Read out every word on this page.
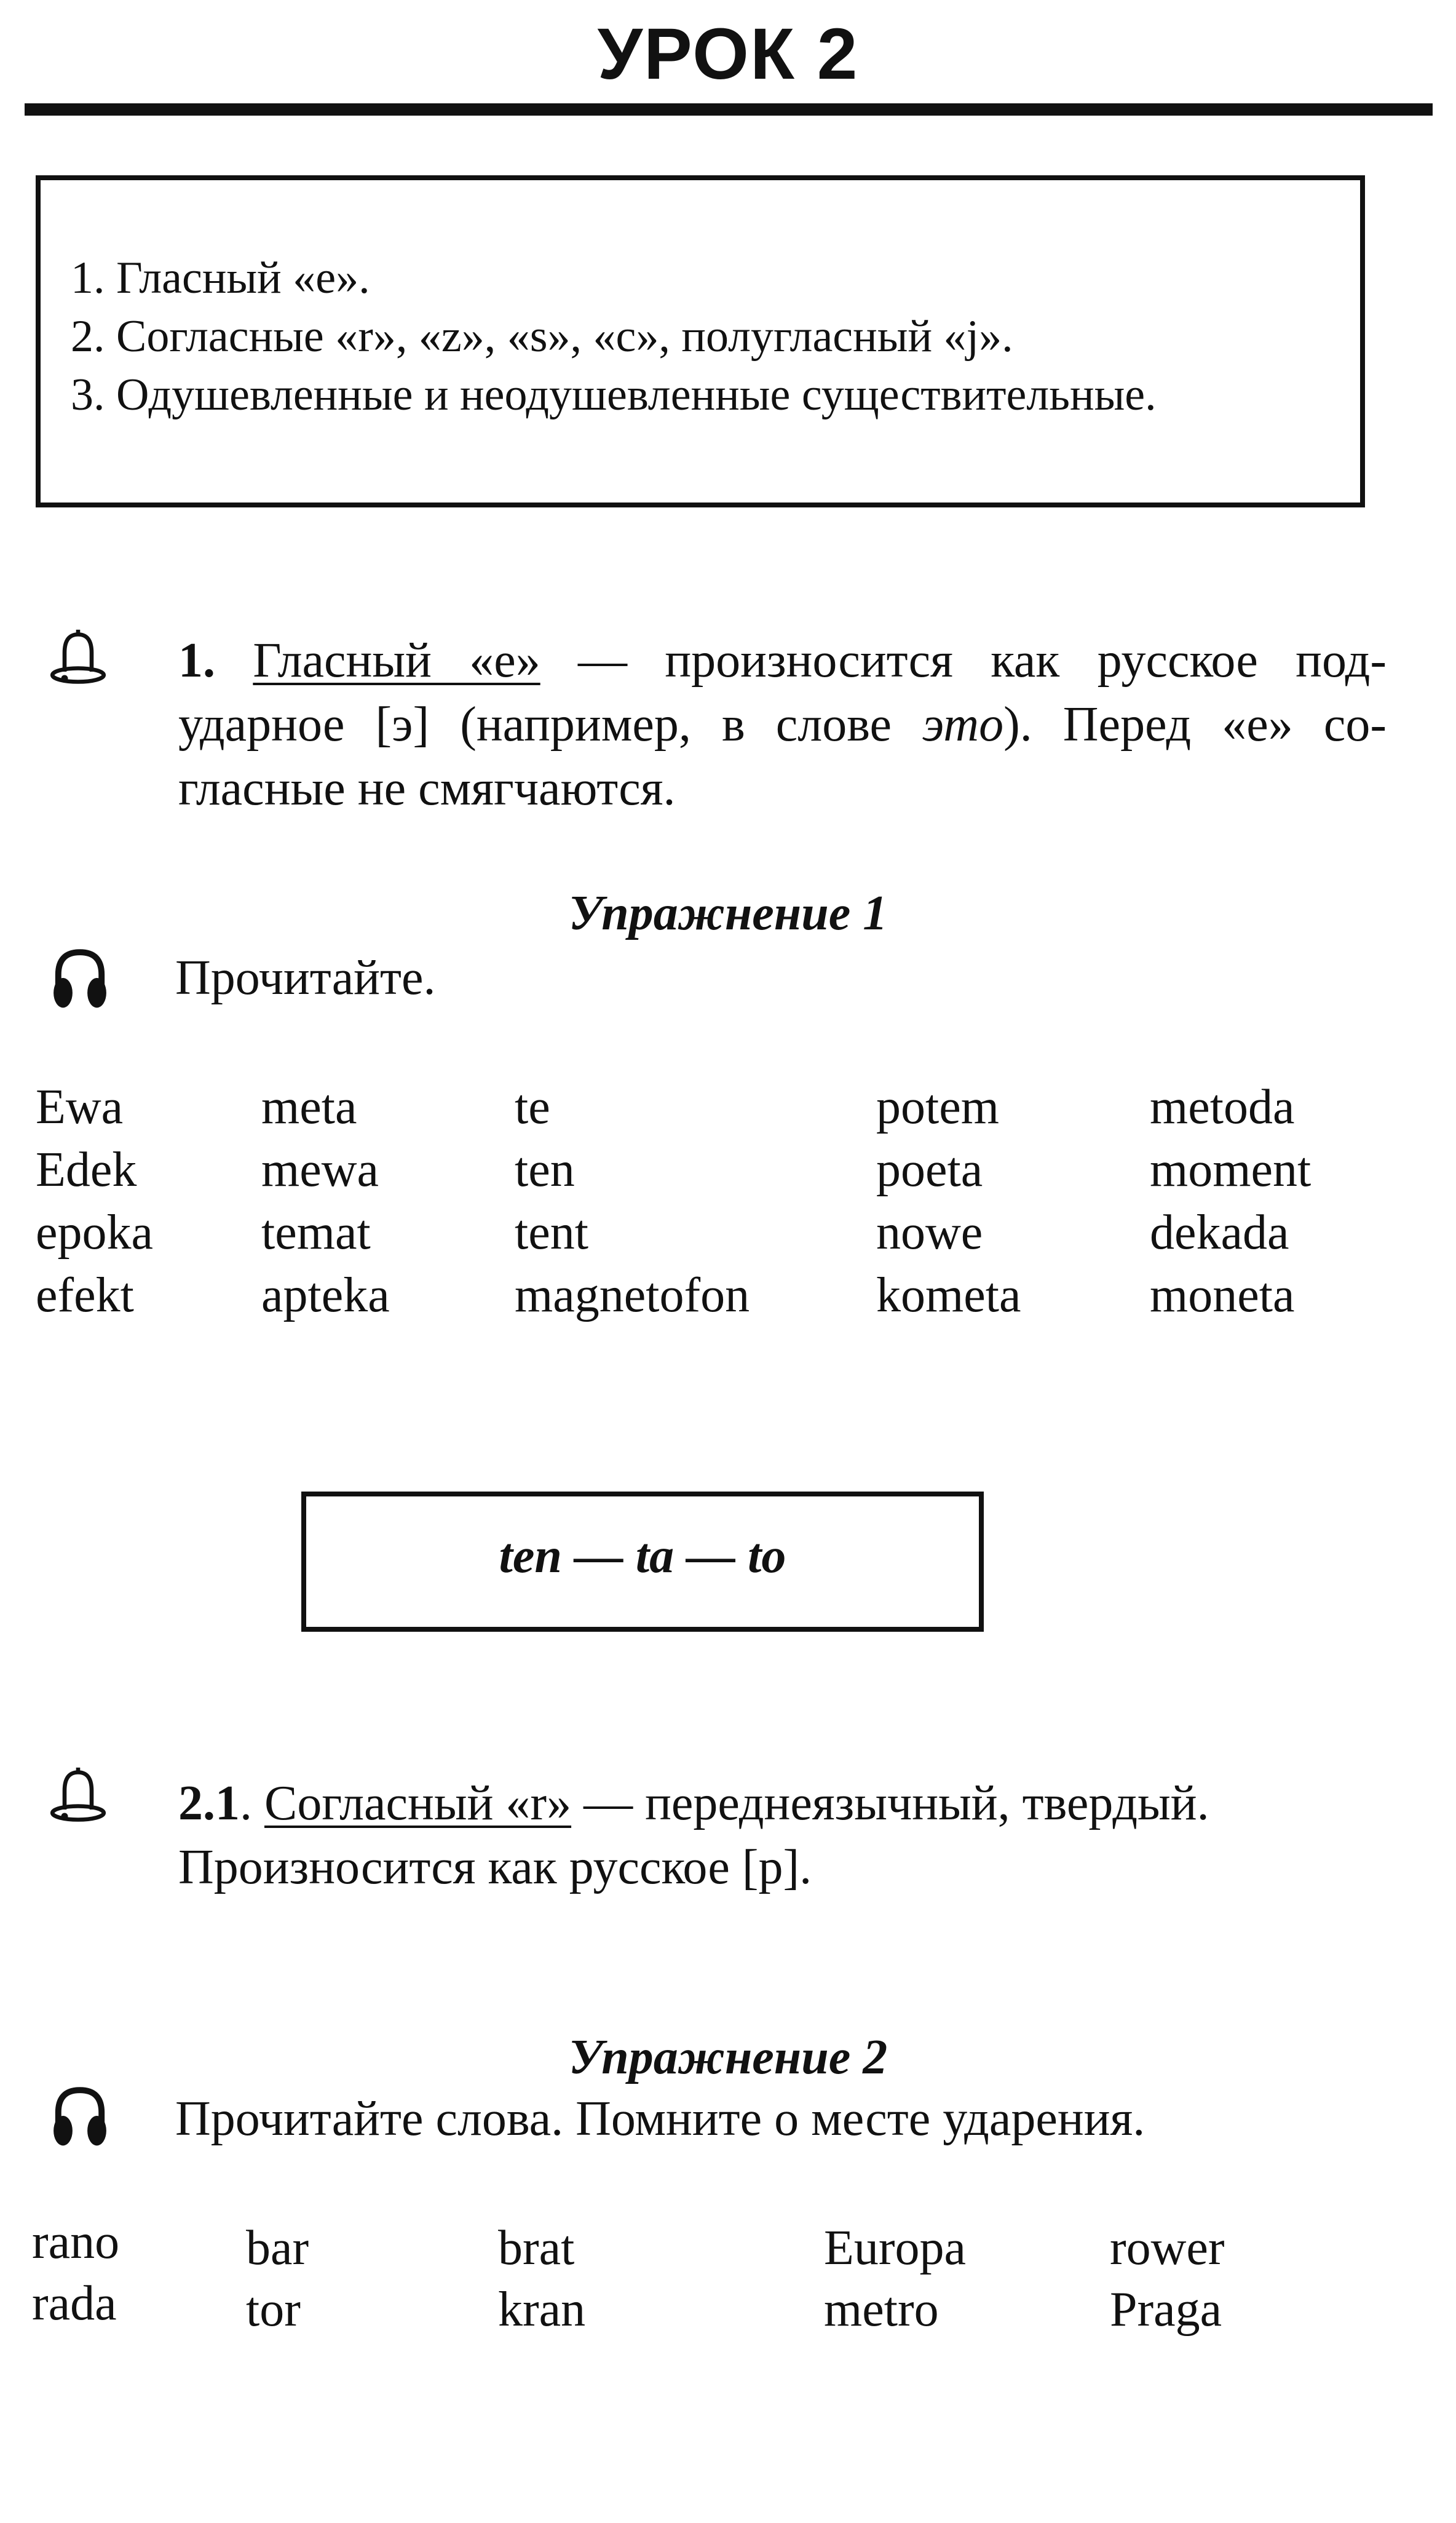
УРОК 2
1. Гласный «е».
2. Согласные «r», «z», «s», «c», полугласный «j».
3. Одушевленные и неодушевленные существительные.
1. Гласный «е» — произносится как русское под-
ударное [э] (например, в слове это). Перед «е» со-
гласные не смягчаются.
Упражнение 1
Прочитайте.
Ewa
Edek
epoka
efekt
meta
mewa
temat
apteka
te
ten
tent
magnetofon
potem
poeta
nowe
kometa
metoda
moment
dekada
moneta
ten — ta — to
2.1. Согласный «r» — переднеязычный, твердый.
Произносится как русское [р].
Упражнение 2
Прочитайте слова. Помните о месте ударения.
rano
rada
bar
tor
brat
kran
Europa
metro
rower
Praga
